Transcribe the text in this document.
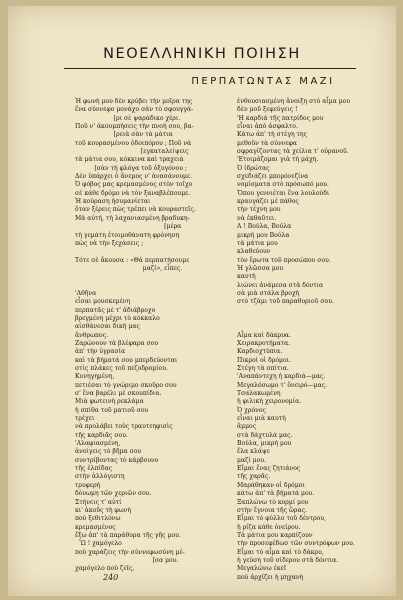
ΝΕΟΕΛΛΗΝΙΚΗ ΠΟΙΗΣΗ
ΠΕΡΠΑΤΩΝΤΑΣ ΜΑΖΙ
Ἡ φωνή μου δὲν κρύβει τὴν μοῖρα της
ἕνα σύννεφο μονάχο σὰν τὸ σφουγγά-
[ρι σὲ ψαράδικο χέρι.
Ποῦ ν' ἀκουμπήσεις τὴν πνοή σου, βα-
[ρειὰ σὰν τὰ μάτια
τοῦ κουρασμένου ὁδοιπόρου ; Ποῦ νὰ
[εγκαταλείψεις
τὰ μάτια σου, κόκκινα καὶ τραχειά
[σὰν τὴ φλόγα τοῦ ὀξυγόνου ;
Δὲν ὑπάρχει ὁ ἄνεμος ν' ἀνασάνουμε.
Ὁ φόβος μας κρεμασμένος στὸν τοῖχο
σὲ κάθε δρόμο νὰ τὸν ξαναβλέπουμε.
Ἡ κούραση ἠσυμανίεται
ὅταν ξέρεις πὼς τρέπει νὰ κουραστεῖς.
Μὰ αὐτή, τὴ λαχανιασμένη βραδυκη-
[μέρα
τὴ γεμάτη ἑτοιμοθάνατη φρόνηση
πὼς νὰ τὴν ξεχάσεις ;
Τότε σὲ ἄκουσα : «Θὰ περπατήσουμε
μαζί», εἶπες.
'Αθῆνα
εἶσαι μουσκεμένη
περπατᾶς μὲ τ' ἀδιάβροχο
βρεγμένη μέχρι τὸ κόκκαλο
αἰσθάνεσαι δική μας
ἄνθρωπος.
Ζαρώνουν τὰ βλέφαρα σου
ἀπ' τὴν ὑγρασία
καὶ τὰ βήματά σου μπερδεύονται
στὶς πλάκες τοῦ πεζοδρομίου.
Κυνηγημένη,
πετιέσαι τὸ γνώριμο σκοῦρο σου
σ' ἕνα βαρέλι μὲ σκουπίδια.
Μιὰ φωτεινὴ ρεκλάμα
ἡ σπίθα τοῦ ματιοῦ σου
τρέχει
νὰ προλάβει τοὺς τραυτεηφισὶς
τῆς καρδιᾶς σου.
'Αλαφιασμένη,
ἀνοίγεις τὸ βῆμα σου
συντρίβοντας τὸ κάρβουνο
τῆς ἐλπίδας
στὴν ἀλλόγιστη
τρυφερὴ
δόνωμη τῶν χεριῶν σου.
Στήνεις τ' αὐτί
κι' ἀκοῦς τὴ φωνὴ
ποὺ ξεθιτλόνω
κρεμασμένος
ἔξω ἀπ' τὰ παράθυρα τῆς γῆς μου.
Ὢ ! χαμόγελο
ποὺ χαράζεις τὴν σύννεφωσύνη μέ-
[σα μου.
χαμόγελο ποὺ ζεῖς,
ἐνθουσιασμένη ἄνοιξη στὸ αἷμα μου
δὲν μοῦ ξεφεύγεις !
'Η καρδιά τῆς πατρίδος μου
εἶναι ἀπὸ ἀσφαλτο.
Κάτω ἀπ' τὴ στέγη της
μεθοῦν τὰ σύννεφα
σφραγίζοντας τὰ χείλια τ' οὐρανοῦ.
'Ετοιμάζομαι γιὰ τὴ μάχη.
Ὁ ἱδρώτας
σχεδιάζει μπορόνεζίνα
νομίσματα στὸ πρόσωπό μου.
Ὅπου γεννιέται ἕνα λουλούδι
κραυγάζει μὲ πάθος
τὴν τέχνη μου
νὰ ἐκθαῦτει.
Α ! Βούλα, Βούλα
μικρή μου Βούλα
τὰ μάτια μου
κλαθεύουν
τὸν ἔρωτα τοῦ προσώπου σου.
Ἡ γλῶσσα μου
καυτὴ
λιώνει ἀνάμεσα στὰ δόντια
σὰ μιὰ στάλα βροχὴ
στὸ τζάμι τοῦ παραθυριοῦ σου.
Αἷμα καὶ δάκρυα.
Χειρακροτήματα.
Καρδιοχτύπια.
Πικροὶ οἱ δρόμοι.
Στέγη τὰ σπίτια.
'Αναπάντεχη ἡ καρδιά—μας.
Μεγαλόσωμο τ' ὄνειρό—μας.
Τσαλακωμένη
ἡ φιλική χειρονομία.
Ὁ χρόνος
εἶναι μιὰ καυτὴ
ἄμμος
στὰ δάχτυλά μας.
Βούλα, μικρή μου
ἔλα κλάψε
μαζί μου.
Εἴμαι ἕνας ζητιάνος
τῆς χαρᾶς.
Μαράθηκαν οἱ δρόμοι
κάτω ἀπ' τὰ βήματά μου.
Ξαπλώνω τὸ κορμί μου
στὴν ἔγνοια τῆς ὥρας.
Εἶμαι τὸ φύλλο τοῦ δέντρου,
ἡ ρίζα κάθε ὀνείρου.
Τὰ μάτια μου καρπίζουν
τὴν προσεφέδωσ τῶν συντρόφων μου.
Εἶμαι τὸ αἷμα καὶ τὸ δάκρυ,
ἡ γεύση τοῦ σίδερου στὰ δόντια.
Μεγαλώνω ἐκεῖ
ποὺ ἀρχίζει ἡ μηχανὴ
240
